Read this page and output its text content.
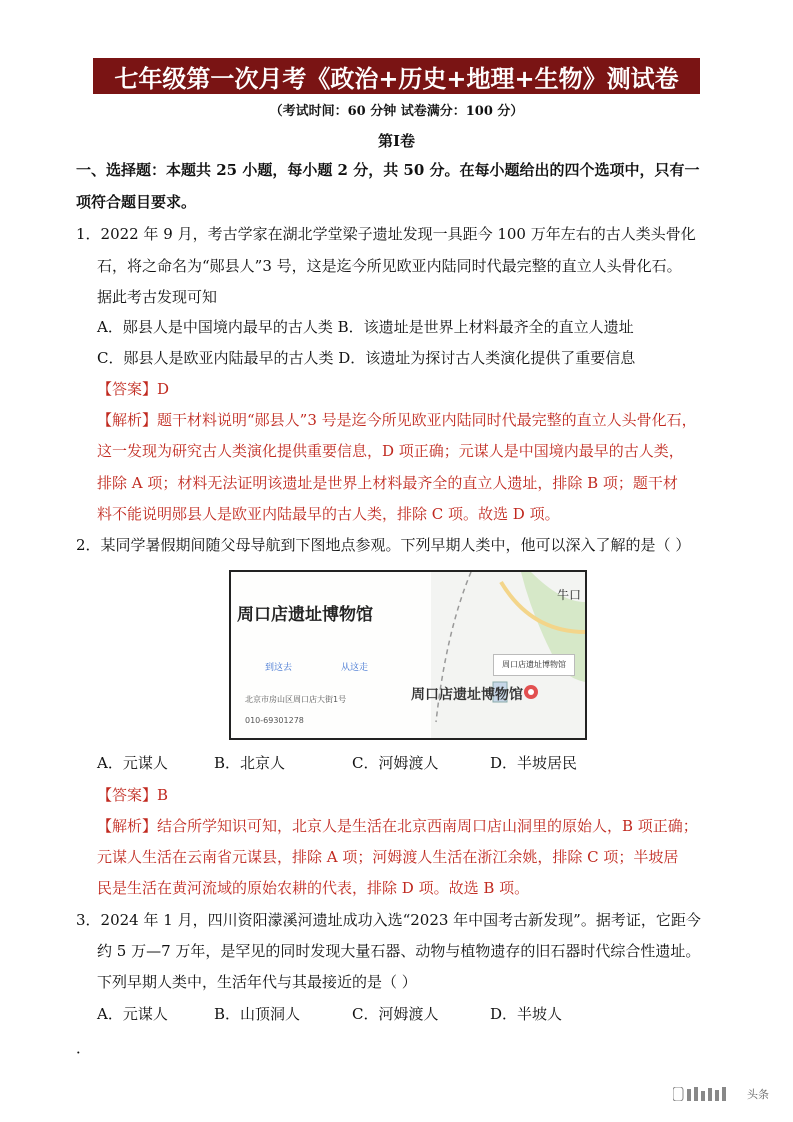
七年级第一次月考《政治+历史+地理+生物》测试卷
（考试时间：60 分钟 试卷满分：100 分）
第Ⅰ卷
一、选择题：本题共 25 小题，每小题 2 分，共 50 分。在每小题给出的四个选项中，只有一
项符合题目要求。
1．2022 年 9 月，考古学家在湖北学堂梁子遗址发现一具距今 100 万年左右的古人类头骨化
石，将之命名为“郧县人”3 号，这是迄今所见欧亚内陆同时代最完整的直立人头骨化石。
据此考古发现可知
A．郧县人是中国境内最早的古人类 B．该遗址是世界上材料最齐全的直立人遗址
C．郧县人是欧亚内陆最早的古人类 D．该遗址为探讨古人类演化提供了重要信息
【答案】D
【解析】题干材料说明“郧县人”3 号是迄今所见欧亚内陆同时代最完整的直立人头骨化石，
这一发现为研究古人类演化提供重要信息，D 项正确；元谋人是中国境内最早的古人类，
排除 A 项；材料无法证明该遗址是世界上材料最齐全的直立人遗址，排除 B 项；题干材
料不能说明郧县人是欧亚内陆最早的古人类，排除 C 项。故选 D 项。
2．某同学暑假期间随父母导航到下图地点参观。下列早期人类中，他可以深入了解的是（ ）
周口店遗址博物馆
到这去	从这走
北京市房山区周口店大街1号
010-69301278
周口店遗址博物馆
周口店遗址博物馆
牛口
A．元谋人	B．北京人	C．河姆渡人	D．半坡居民
【答案】B
【解析】结合所学知识可知，北京人是生活在北京西南周口店山洞里的原始人，B 项正确；
元谋人生活在云南省元谋县，排除 A 项；河姆渡人生活在浙江余姚，排除 C 项；半坡居
民是生活在黄河流域的原始农耕的代表，排除 D 项。故选 B 项。
3．2024 年 1 月，四川资阳濛溪河遗址成功入选“2023 年中国考古新发现”。据考证，它距今
约 5 万—7 万年，是罕见的同时发现大量石器、动物与植物遗存的旧石器时代综合性遗址。
下列早期人类中，生活年代与其最接近的是（ ）
A．元谋人	B．山顶洞人	C．河姆渡人	D．半坡人
．
头条
